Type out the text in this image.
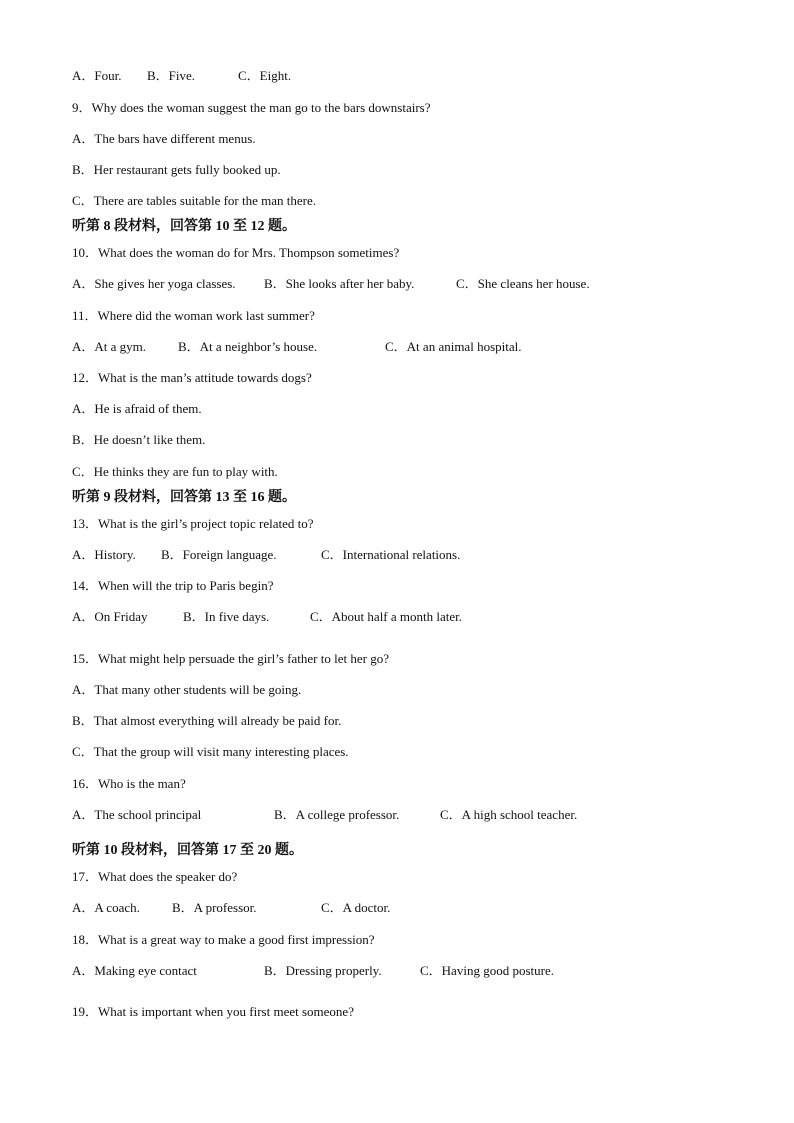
A．Four. B．Five.	C．Eight.
9．Why does the woman suggest the man go to the bars downstairs?
A．The bars have different menus.
B．Her restaurant gets fully booked up.
C．There are tables suitable for the man there.
听第 8 段材料，回答第 10 至 12 题。
10．What does the woman do for Mrs. Thompson sometimes?
A．She gives her yoga classes. B．She looks after her baby.	C．She cleans her house.
11．Where did the woman work last summer?
A．At a gym. B．At a neighbor’s house.	C．At an animal hospital.
12．What is the man’s attitude towards dogs?
A．He is afraid of them.
B．He doesn’t like them.
C．He thinks they are fun to play with.
听第 9 段材料，回答第 13 至 16 题。
13．What is the girl’s project topic related to?
A．History. B．Foreign language.	C．International relations.
14．When will the trip to Paris begin?
A．On Friday	B．In five days.	C．About half a month later.
15．What might help persuade the girl’s father to let her go?
A．That many other students will be going.
B．That almost everything will already be paid for.
C．That the group will visit many interesting places.
16．Who is the man?
A．The school principal	B．A college professor.	C．A high school teacher.
听第 10 段材料，回答第 17 至 20 题。
17．What does the speaker do?
A．A coach. B．A professor.	C．A doctor.
18．What is a great way to make a good first impression?
A．Making eye contact	B．Dressing properly.	C．Having good posture.
19．What is important when you first meet someone?
